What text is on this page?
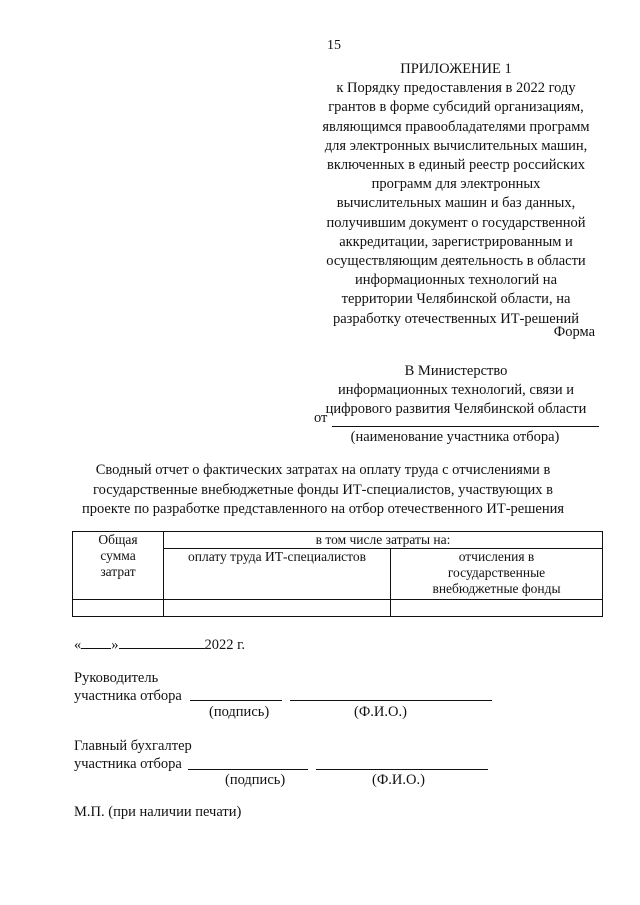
15
ПРИЛОЖЕНИЕ 1
к Порядку предоставления в 2022 году
грантов в форме субсидий организациям,
являющимся правообладателями программ
для электронных вычислительных машин,
включенных в единый реестр российских
программ для электронных
вычислительных машин и баз данных,
получившим документ о государственной
аккредитации, зарегистрированным и
осуществляющим деятельность в области
информационных технологий на
территории Челябинской области, на
разработку отечественных ИТ-решений
Форма
В Министерство
информационных технологий, связи и
цифрового развития Челябинской области
от
(наименование участника отбора)
Сводный отчет о фактических затратах на оплату труда с отчислениями в
государственные внебюджетные фонды ИТ-специалистов, участвующих в
проекте по разработке представленного на отбор отечественного ИТ-решения
Общая
сумма
затрат	в том числе затраты на:	
	оплату труда ИТ-специалистов	отчисления в
государственные
внебюджетные фонды

« »	2022 г.
Руководитель
участника отбора
(подпись)	(Ф.И.О.)
Главный бухгалтер
участника отбора
(подпись)	(Ф.И.О.)
М.П. (при наличии печати)
